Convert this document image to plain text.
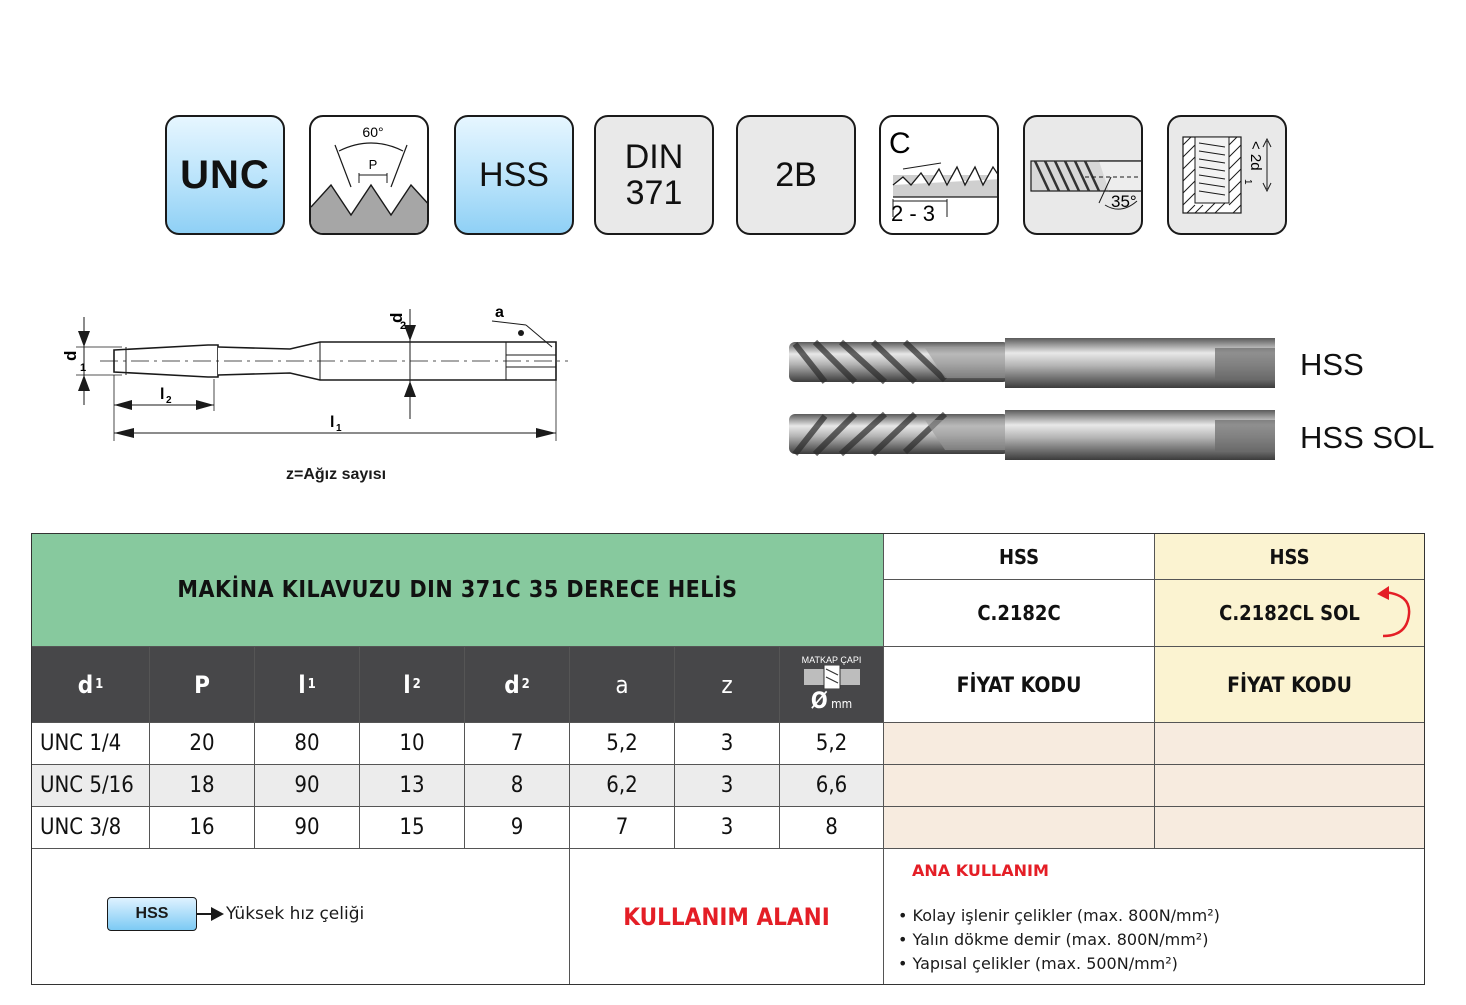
UNC
60°
P	HSS DIN
371	2B
C
2 - 3	35°
< 2d
1
d
1
d
2
a
l 2
l 1
z=Ağız sayısı
HSS
HSS SOL
MAKİNA KILAVUZU DIN 371C 35 DERECE HELİS
HSS
C.2182C
HSS
C.2182CL SOL
d 1	P	l 1	l 2	d 2	a	z
MATKAP ÇAPI
Ø mm
FİYAT KODU	FİYAT KODU
UNC 1/4	20	80	10	7	5,2	3	5,2
UNC 5/16	18	90	13	8	6,2	3	6,6
UNC 3/8	16	90	15	9	7	3	8
KULLANIM ALANI
HSS	Yüksek hız çeliği
ANA KULLANIM
• Kolay işlenir çelikler (max. 800N/mm²)
• Yalın dökme demir (max. 800N/mm²)
• Yapısal çelikler (max. 500N/mm²)
